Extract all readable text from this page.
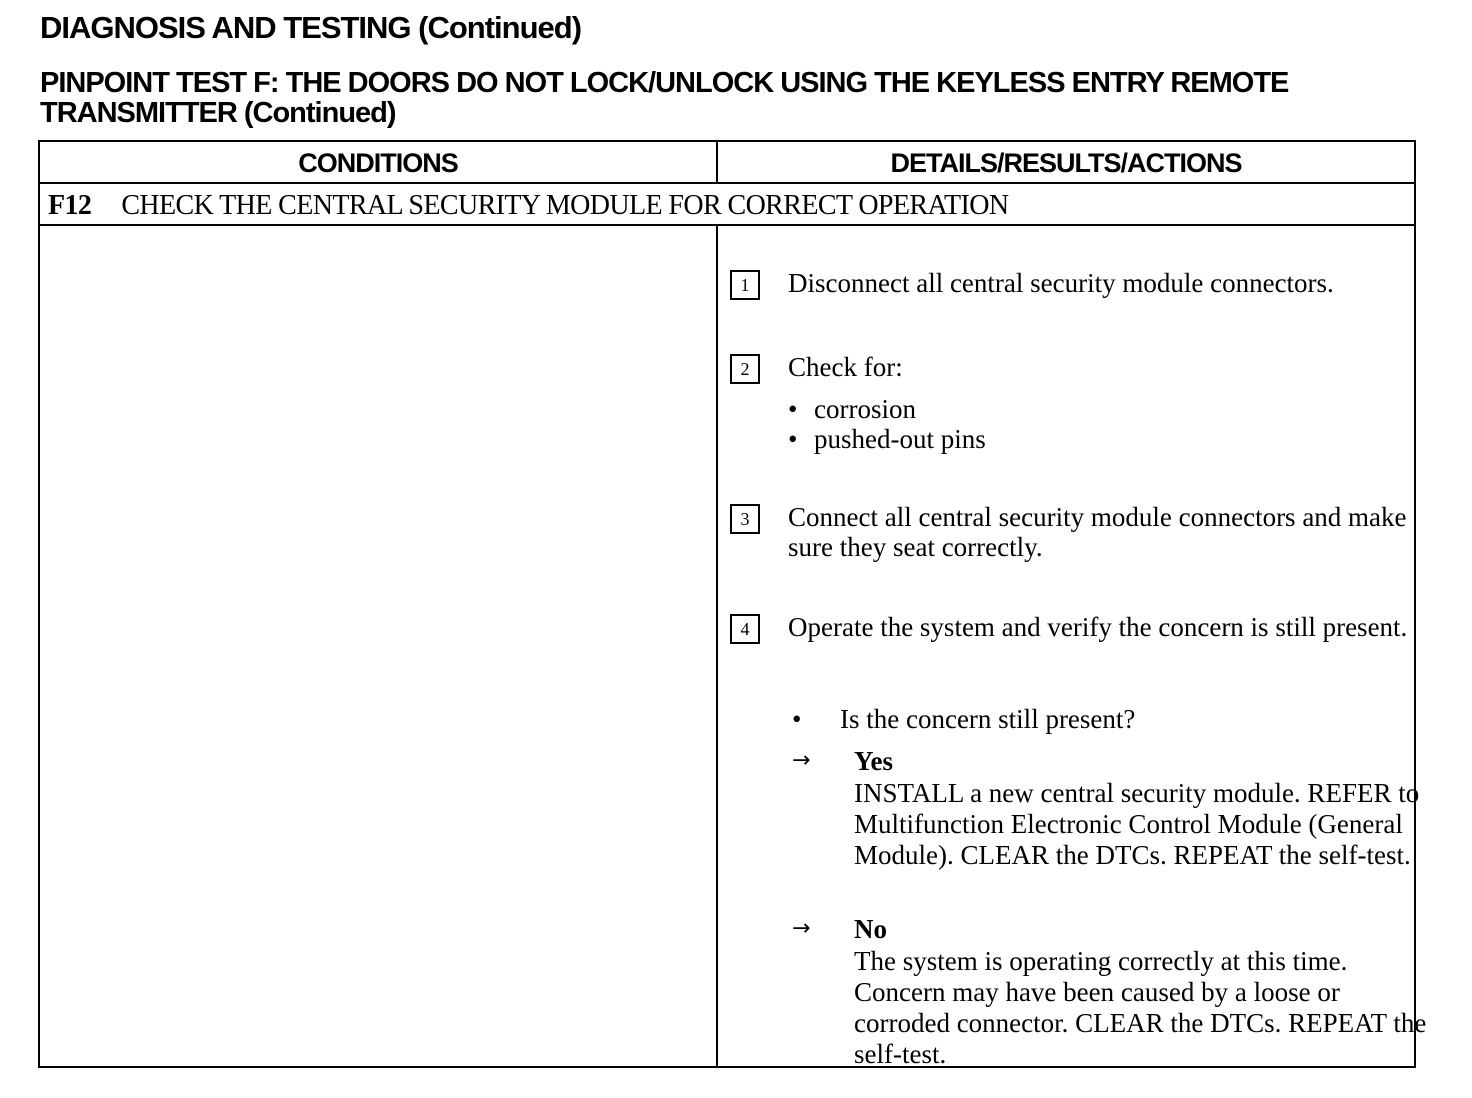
DIAGNOSIS AND TESTING (Continued)
PINPOINT TEST F: THE DOORS DO NOT LOCK/UNLOCK USING THE KEYLESS ENTRY REMOTE
TRANSMITTER (Continued)
CONDITIONS	DETAILS/RESULTS/ACTIONS
F12 CHECK THE CENTRAL SECURITY MODULE FOR CORRECT OPERATION
1	Disconnect all central security module connectors.
2	Check for:
• corrosion
• pushed-out pins
3	Connect all central security module connectors and make sure they seat correctly.
4	Operate the system and verify the concern is still present.
• Is the concern still present?
→ Yes
INSTALL a new central security module. REFER to Multifunction Electronic Control Module (General Module). CLEAR the DTCs. REPEAT the self-test.
→ No
The system is operating correctly at this time. Concern may have been caused by a loose or corroded connector. CLEAR the DTCs. REPEAT the self-test.
